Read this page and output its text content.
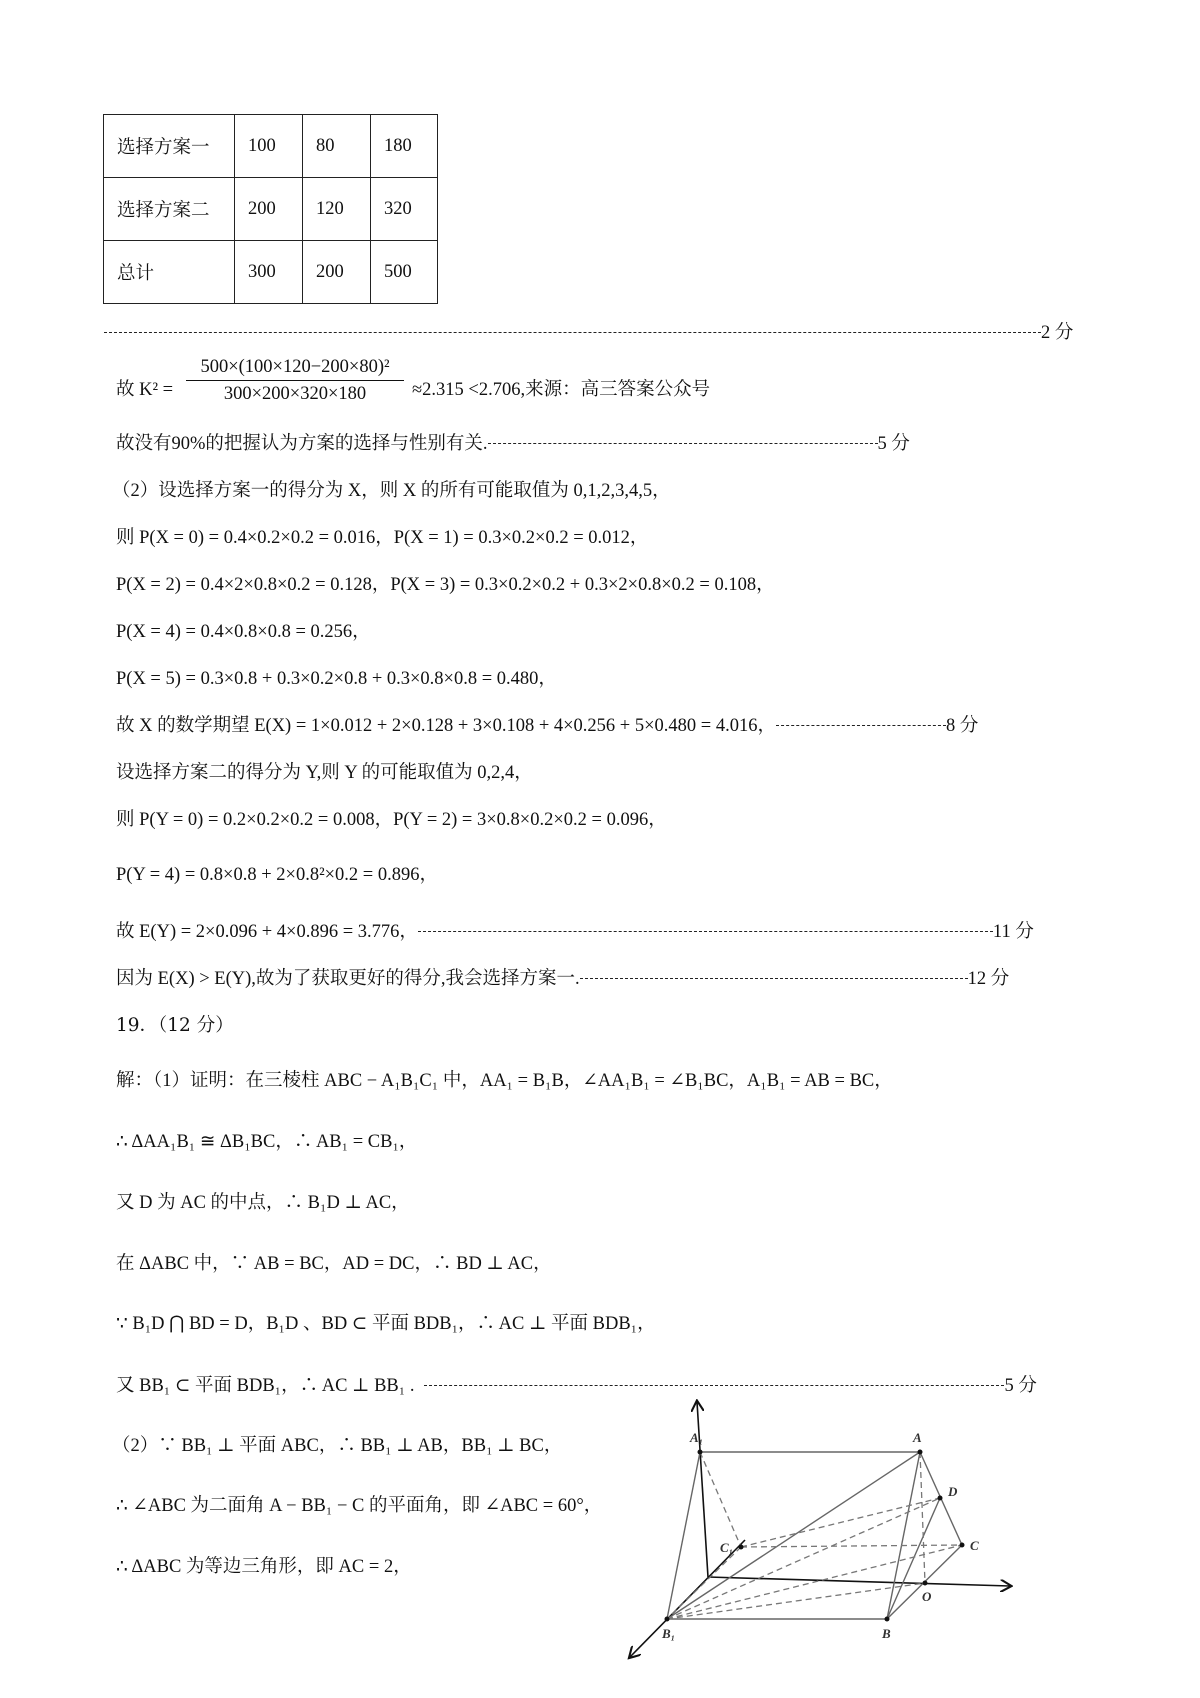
选择方案一	100	80	180
选择方案二	200	120	320
总计	300	200	500
2 分
故 K² =
500×(100×120−200×80)²
300×200×320×180	≈2.315 <2.706,来源：高三答案公众号
故没有90%的把握认为方案的选择与性别有关.	5 分
（2）设选择方案一的得分为 X，则 X 的所有可能取值为 0,1,2,3,4,5，
则 P(X = 0) = 0.4×0.2×0.2 = 0.016，P(X = 1) = 0.3×0.2×0.2 = 0.012，
P(X = 2) = 0.4×2×0.8×0.2 = 0.128，P(X = 3) = 0.3×0.2×0.2 + 0.3×2×0.8×0.2 = 0.108，
P(X = 4) = 0.4×0.8×0.8 = 0.256，
P(X = 5) = 0.3×0.8 + 0.3×0.2×0.8 + 0.3×0.8×0.8 = 0.480，
故 X 的数学期望 E(X) = 1×0.012 + 2×0.128 + 3×0.108 + 4×0.256 + 5×0.480 = 4.016，	8 分
设选择方案二的得分为 Y,则 Y 的可能取值为 0,2,4，
则 P(Y = 0) = 0.2×0.2×0.2 = 0.008，P(Y = 2) = 3×0.8×0.2×0.2 = 0.096，
P(Y = 4) = 0.8×0.8 + 2×0.8²×0.2 = 0.896，
故 E(Y) = 2×0.096 + 4×0.896 = 3.776，	11 分
因为 E(X) > E(Y),故为了获取更好的得分,我会选择方案一.	12 分
19．（12 分）
解：（1）证明：在三棱柱 ABC − A₁B₁C₁ 中，AA₁ = B₁B，∠AA₁B₁ = ∠B₁BC，A₁B₁ = AB = BC，
∴ ΔAA₁B₁ ≅ ΔB₁BC，∴ AB₁ = CB₁，
又 D 为 AC 的中点，∴ B₁D ⊥ AC，
在 ΔABC 中，∵ AB = BC，AD = DC，∴ BD ⊥ AC，
∵ B₁D ⋂ BD = D，B₁D 、BD ⊂ 平面 BDB₁，∴ AC ⊥ 平面 BDB₁，
又 BB₁ ⊂ 平面 BDB₁，∴ AC ⊥ BB₁ .	5 分
（2）∵ BB₁ ⊥ 平面 ABC，∴ BB₁ ⊥ AB，BB₁ ⊥ BC，
∴ ∠ABC 为二面角 A − BB₁ − C 的平面角，即 ∠ABC = 60°，
∴ ΔABC 为等边三角形，即 AC = 2，
A₁	A
D
C
C₁
O
B₁	B
